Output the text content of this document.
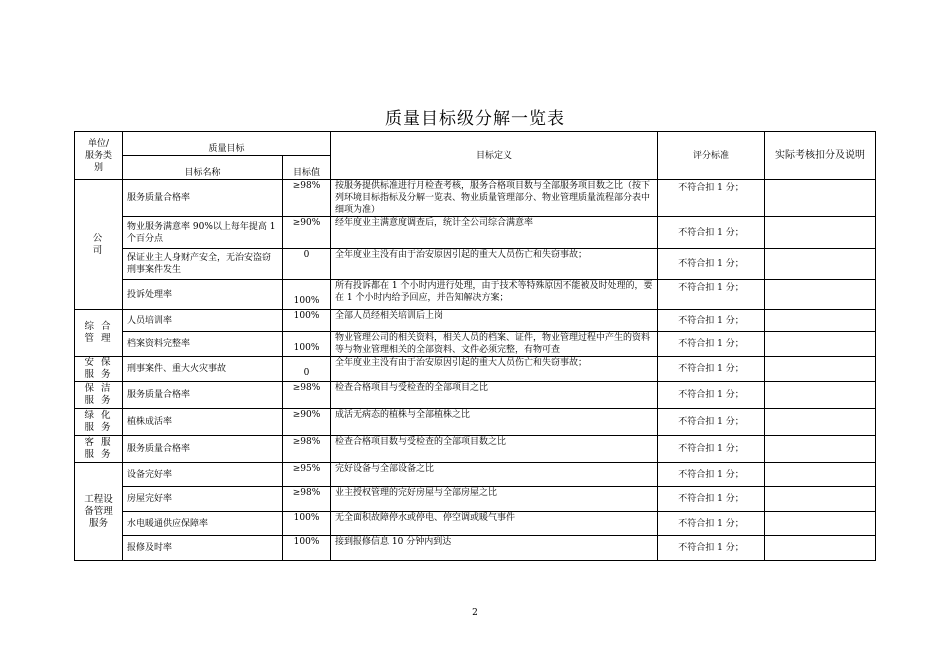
质量目标级分解一览表
单位/
服务类
别	质量目标		目标定义	评分标准	实际考核扣分及说明
	目标名称	目标值			
公
司	服务质量合格率	≥98%	按服务提供标准进行月检查考核，服务合格项目数与全部服务项目数之比（按下列环境目标指标及分解一览表、物业质量管理部分、物业管理质量流程部分表中细项为准）	不符合扣 1 分；	
	物业服务满意率 90%以上每年提高 1 个百分点	≥90%	经年度业主满意度调查后，统计全公司综合满意率	不符合扣 1 分；	
	保证业主人身财产安全，无治安盗窃刑事案件发生	0	全年度业主没有由于治安原因引起的重大人员伤亡和失窃事故；	不符合扣 1 分；	
	投诉处理率	100%	所有投诉都在 1 个小时内进行处理，由于技术等特殊原因不能被及时处理的，要在 1 个小时内给予回应，并告知解决方案；	不符合扣 1 分；	
综 合
管 理	人员培训率	100%	全部人员经相关培训后上岗	不符合扣 1 分；	
	档案资料完整率	100%	物业管理公司的相关资料，相关人员的档案、证件，物业管理过程中产生的资料等与物业管理相关的全部资料、文件必须完整，有物可查	不符合扣 1 分；	
安 保
服 务	刑事案件、重大火灾事故	0	全年度业主没有由于治安原因引起的重大人员伤亡和失窃事故；	不符合扣 1 分；	
保 洁
服 务	服务质量合格率	≥98%	检查合格项目与受检查的全部项目之比	不符合扣 1 分；	
绿 化
服 务	植株成活率	≥90%	成活无病态的植株与全部植株之比	不符合扣 1 分；	
客 服
服 务	服务质量合格率	≥98%	检查合格项目数与受检查的全部项目数之比	不符合扣 1 分；	
工程设
备管理
服务	设备完好率	≥95%	完好设备与全部设备之比	不符合扣 1 分；	
	房屋完好率	≥98%	业主授权管理的完好房屋与全部房屋之比	不符合扣 1 分；	
	水电暖通供应保障率	100%	无全面积故障停水或停电、停空调或暖气事件	不符合扣 1 分；	
	报修及时率	100%	接到报修信息 10 分钟内到达	不符合扣 1 分；	
2
